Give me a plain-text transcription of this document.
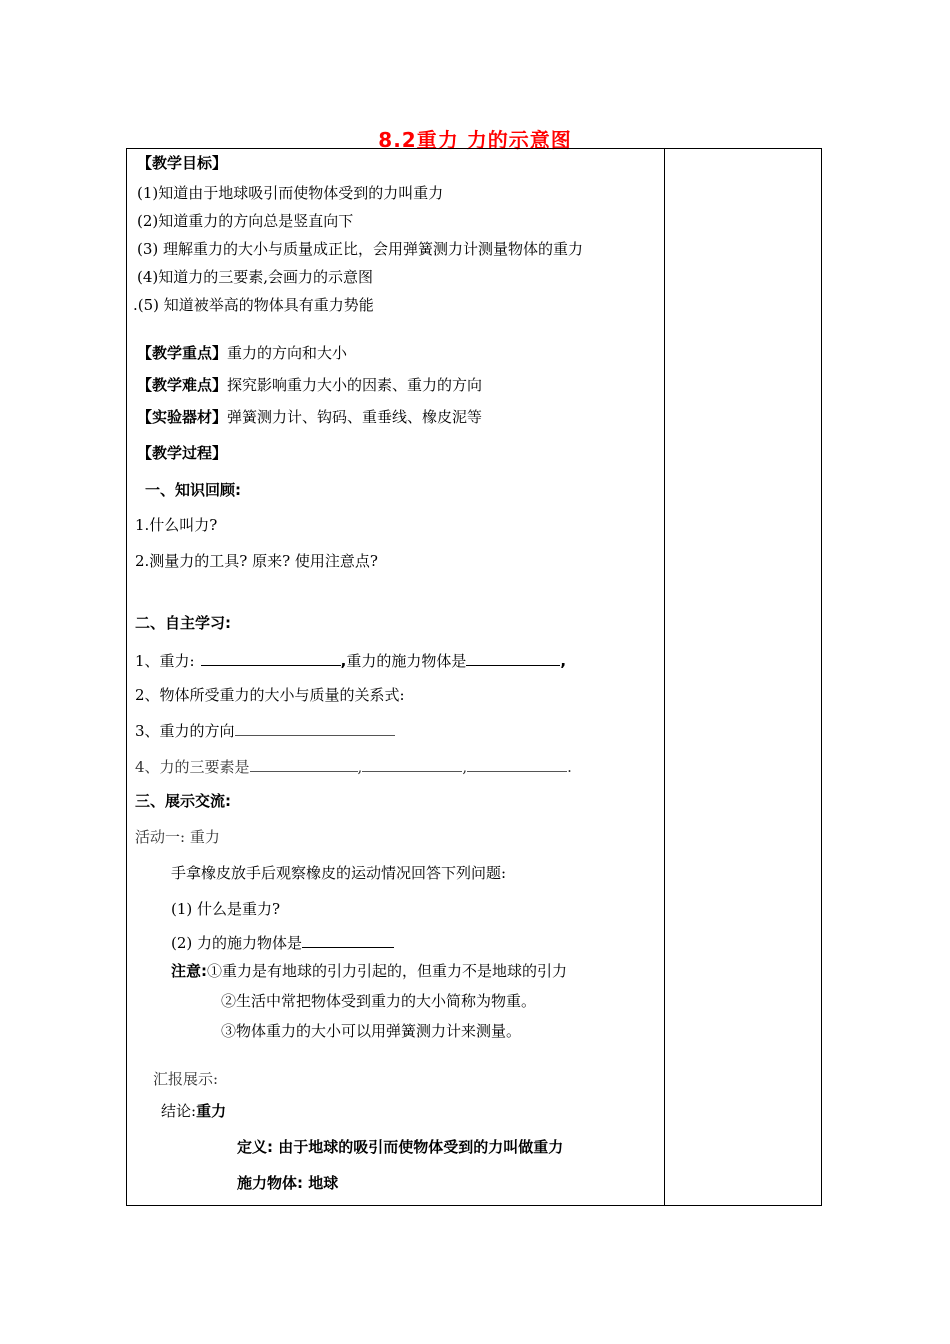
8.2重力 力的示意图
【教学目标】
(1)知道由于地球吸引而使物体受到的力叫重力
(2)知道重力的方向总是竖直向下
(3) 理解重力的大小与质量成正比，会用弹簧测力计测量物体的重力
(4)知道力的三要素,会画力的示意图
.(5) 知道被举高的物体具有重力势能
【教学重点】重力的方向和大小
【教学难点】探究影响重力大小的因素、重力的方向
【实验器材】弹簧测力计、钩码、重垂线、橡皮泥等
【教学过程】
一、知识回顾:
1.什么叫力?
2.测量力的工具? 原来? 使用注意点?
二、自主学习:
1、重力:	,重力的施力物体是	,
2、物体所受重力的大小与质量的关系式:
3、重力的方向
4、力的三要素是	,	,	.
三、展示交流:
活动一: 重力
手拿橡皮放手后观察橡皮的运动情况回答下列问题:
(1) 什么是重力?
(2) 力的施力物体是
注意:①重力是有地球的引力引起的，但重力不是地球的引力
②生活中常把物体受到重力的大小简称为物重。
③物体重力的大小可以用弹簧测力计来测量。
汇报展示:
结论:重力
定义: 由于地球的吸引而使物体受到的力叫做重力
施力物体: 地球
